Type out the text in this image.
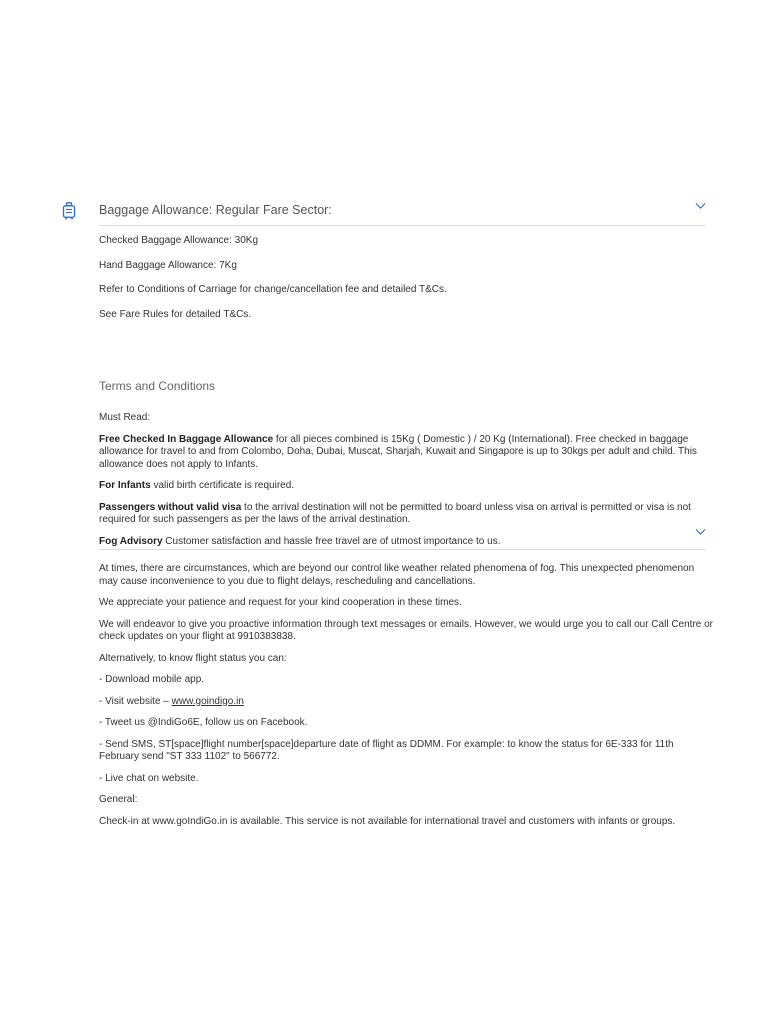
Baggage Allowance: Regular Fare Sector:

Checked Baggage Allowance: 30Kg

Hand Baggage Allowance: 7Kg

Refer to Conditions of Carriage for change/cancellation fee and detailed T&Cs.

See Fare Rules for detailed T&Cs.

Terms and Conditions

Must Read:

Free Checked In Baggage Allowance for all pieces combined is 15Kg ( Domestic ) / 20 Kg (International). Free checked in baggage allowance for travel to and from Colombo, Doha, Dubai, Muscat, Sharjah, Kuwait and Singapore is up to 30kgs per adult and child. This allowance does not apply to Infants.

For Infants valid birth certificate is required.

Passengers without valid visa to the arrival destination will not be permitted to board unless visa on arrival is permitted or visa is not required for such passengers as per the laws of the arrival destination.

Fog Advisory Customer satisfaction and hassle free travel are of utmost importance to us.

At times, there are circumstances, which are beyond our control like weather related phenomena of fog. This unexpected phenomenon may cause inconvenience to you due to flight delays, rescheduling and cancellations.

We appreciate your patience and request for your kind cooperation in these times.

We will endeavor to give you proactive information through text messages or emails. However, we would urge you to call our Call Centre or check updates on your flight at 9910383838.

Alternatively, to know flight status you can:

- Download mobile app.

- Visit website – www.goindigo.in

- Tweet us @IndiGo6E, follow us on Facebook.

- Send SMS, ST[space]flight number[space]departure date of flight as DDMM. For example: to know the status for 6E-333 for 11th February send "ST 333 1102" to 566772.

- Live chat on website.

General:

Check-in at www.goIndiGo.in is available. This service is not available for international travel and customers with infants or groups.
